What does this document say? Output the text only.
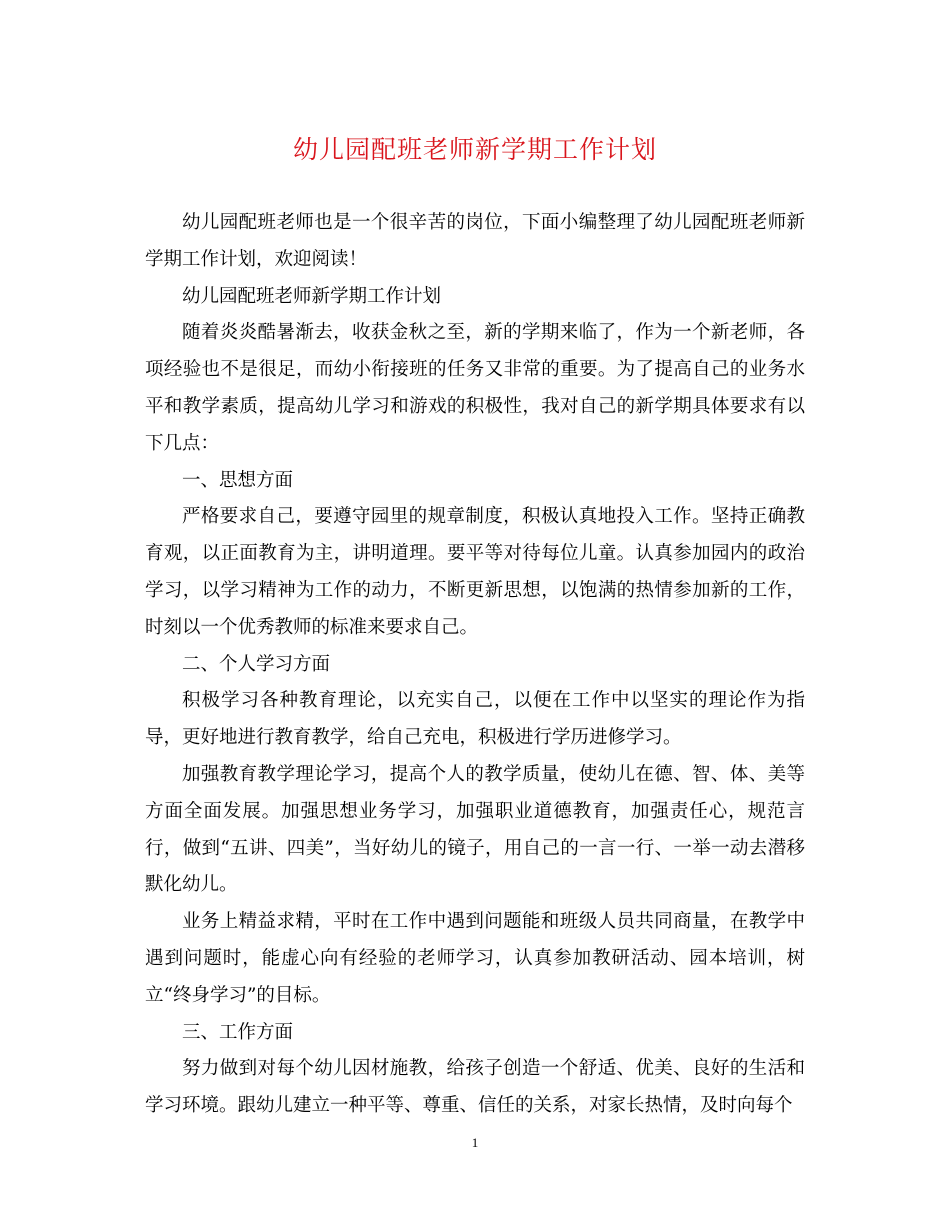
幼儿园配班老师新学期工作计划

幼儿园配班老师也是一个很辛苦的岗位，下面小编整理了幼儿园配班老师新学期工作计划，欢迎阅读！

幼儿园配班老师新学期工作计划

随着炎炎酷暑渐去，收获金秋之至，新的学期来临了，作为一个新老师，各项经验也不是很足，而幼小衔接班的任务又非常的重要。为了提高自己的业务水平和教学素质，提高幼儿学习和游戏的积极性，我对自己的新学期具体要求有以下几点：

一、思想方面

严格要求自己，要遵守园里的规章制度，积极认真地投入工作。坚持正确教育观，以正面教育为主，讲明道理。要平等对待每位儿童。认真参加园内的政治学习，以学习精神为工作的动力，不断更新思想，以饱满的热情参加新的工作，时刻以一个优秀教师的标准来要求自己。

二、个人学习方面

积极学习各种教育理论，以充实自己，以便在工作中以坚实的理论作为指导，更好地进行教育教学，给自己充电，积极进行学历进修学习。

加强教育教学理论学习，提高个人的教学质量，使幼儿在德、智、体、美等方面全面发展。加强思想业务学习，加强职业道德教育，加强责任心，规范言行，做到“五讲、四美”，当好幼儿的镜子，用自己的一言一行、一举一动去潜移默化幼儿。

业务上精益求精，平时在工作中遇到问题能和班级人员共同商量，在教学中遇到问题时，能虚心向有经验的老师学习，认真参加教研活动、园本培训，树立“终身学习”的目标。

三、工作方面

努力做到对每个幼儿因材施教，给孩子创造一个舒适、优美、良好的生活和学习环境。跟幼儿建立一种平等、尊重、信任的关系，对家长热情，及时向每个

1
